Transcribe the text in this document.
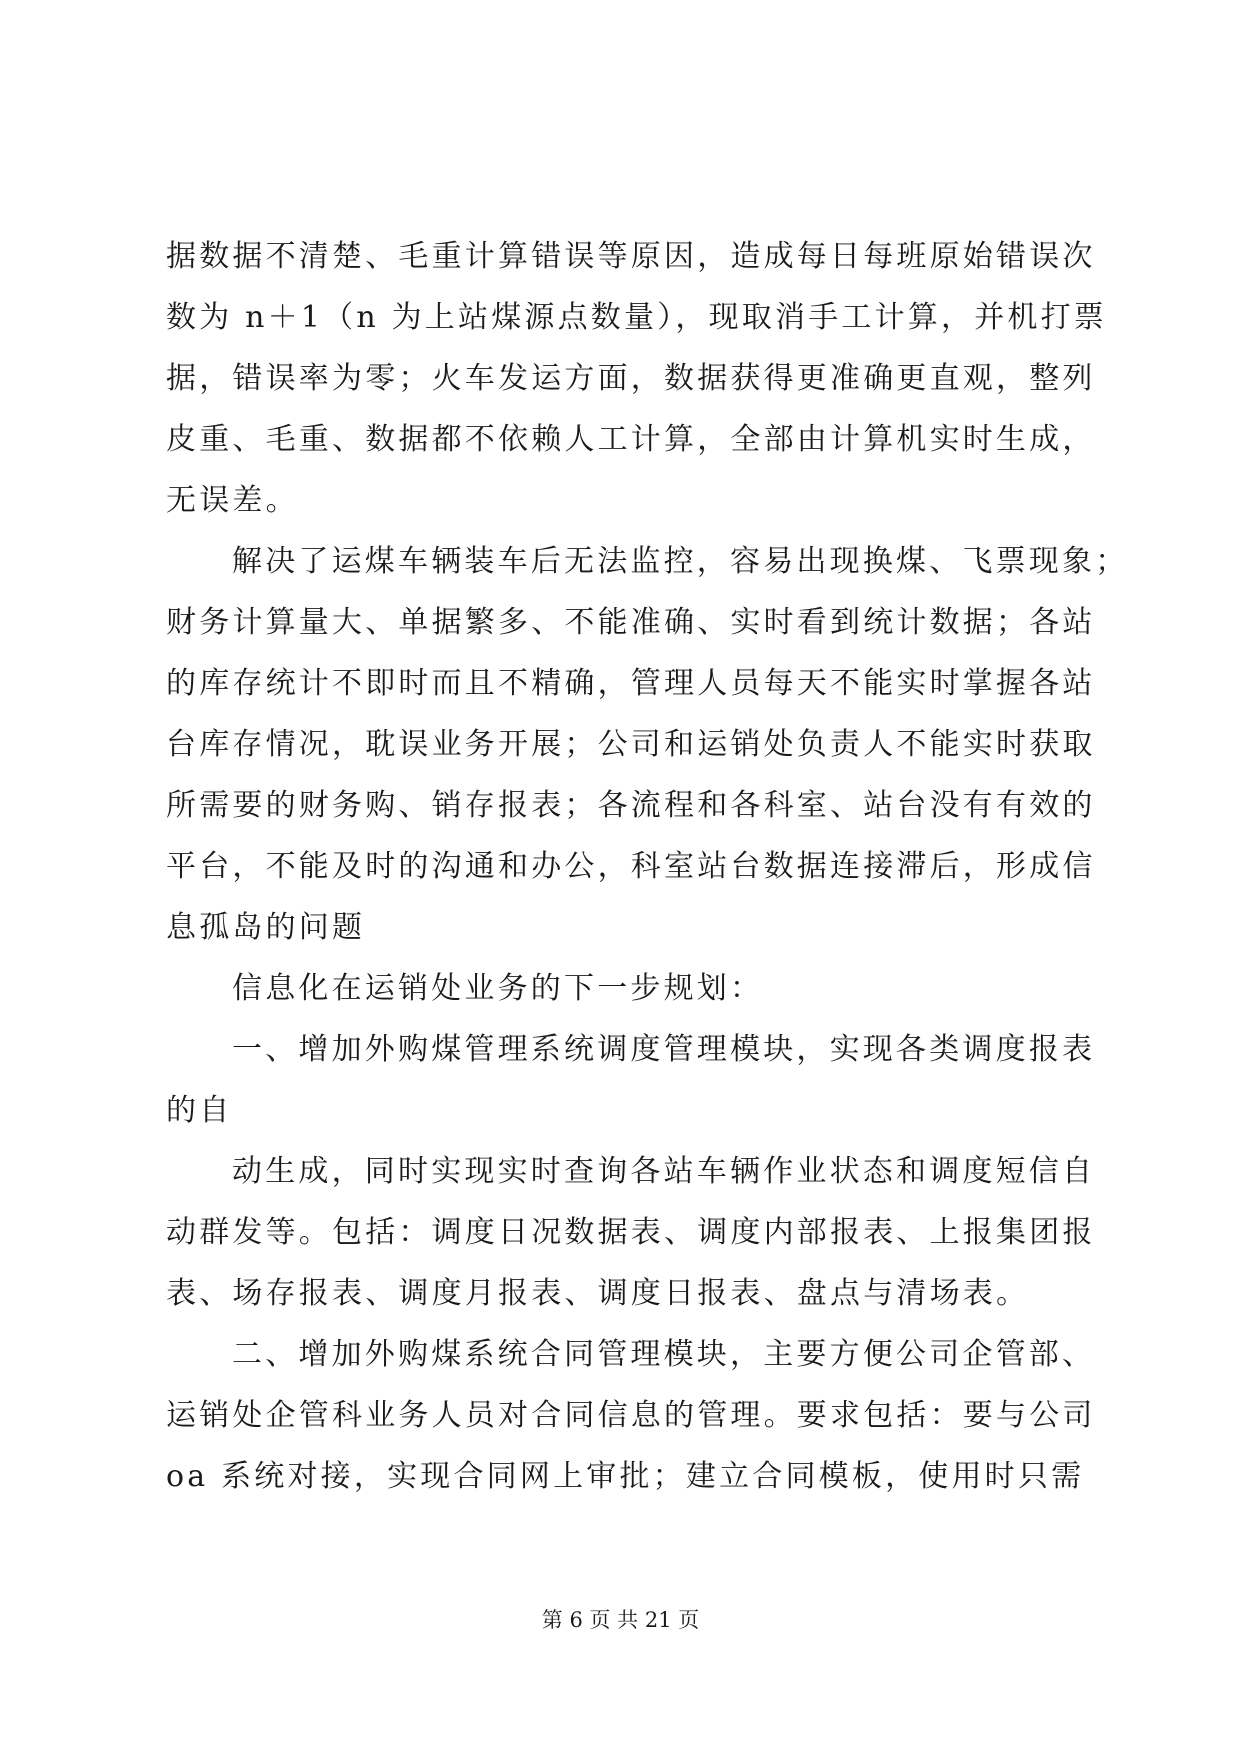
据数据不清楚、毛重计算错误等原因，造成每日每班原始错误次
数为 n＋1（n 为上站煤源点数量），现取消手工计算，并机打票
据，错误率为零；火车发运方面，数据获得更准确更直观，整列
皮重、毛重、数据都不依赖人工计算，全部由计算机实时生成，
无误差。
解决了运煤车辆装车后无法监控，容易出现换煤、飞票现象；
财务计算量大、单据繁多、不能准确、实时看到统计数据；各站
的库存统计不即时而且不精确，管理人员每天不能实时掌握各站
台库存情况，耽误业务开展；公司和运销处负责人不能实时获取
所需要的财务购、销存报表；各流程和各科室、站台没有有效的
平台，不能及时的沟通和办公，科室站台数据连接滞后，形成信
息孤岛的问题
信息化在运销处业务的下一步规划：
一、增加外购煤管理系统调度管理模块，实现各类调度报表
的自
动生成，同时实现实时查询各站车辆作业状态和调度短信自
动群发等。包括：调度日况数据表、调度内部报表、上报集团报
表、场存报表、调度月报表、调度日报表、盘点与清场表。
二、增加外购煤系统合同管理模块，主要方便公司企管部、
运销处企管科业务人员对合同信息的管理。要求包括：要与公司
oa 系统对接，实现合同网上审批；建立合同模板，使用时只需
第 6 页 共 21 页
